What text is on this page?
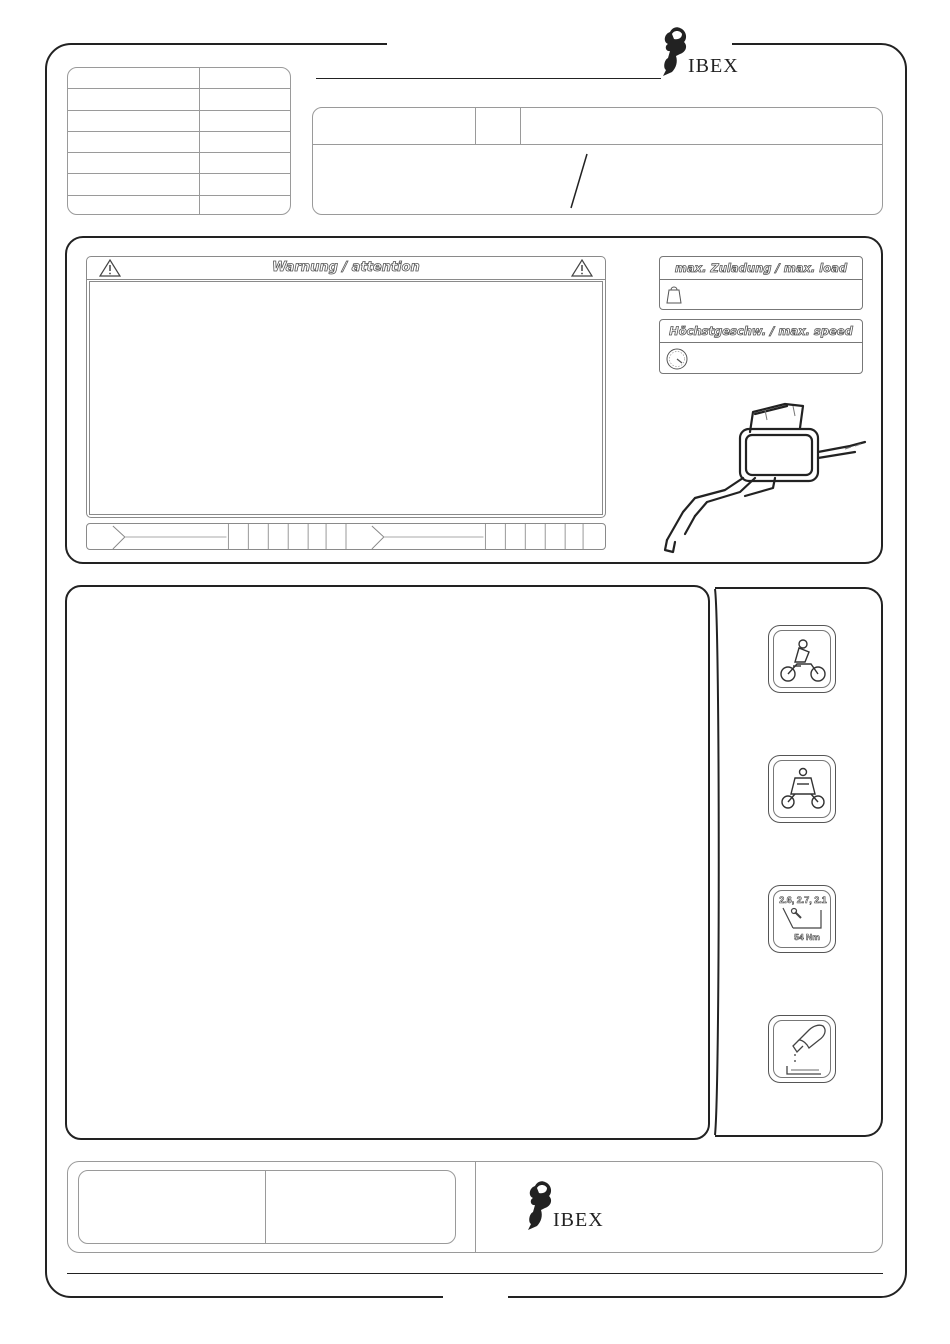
IBEX
Warnung / attention	max. Zuladung / max. load
Höchstgeschw. / max. speed
2.6, 2.7, 2.1
54 Nm
IBEX
